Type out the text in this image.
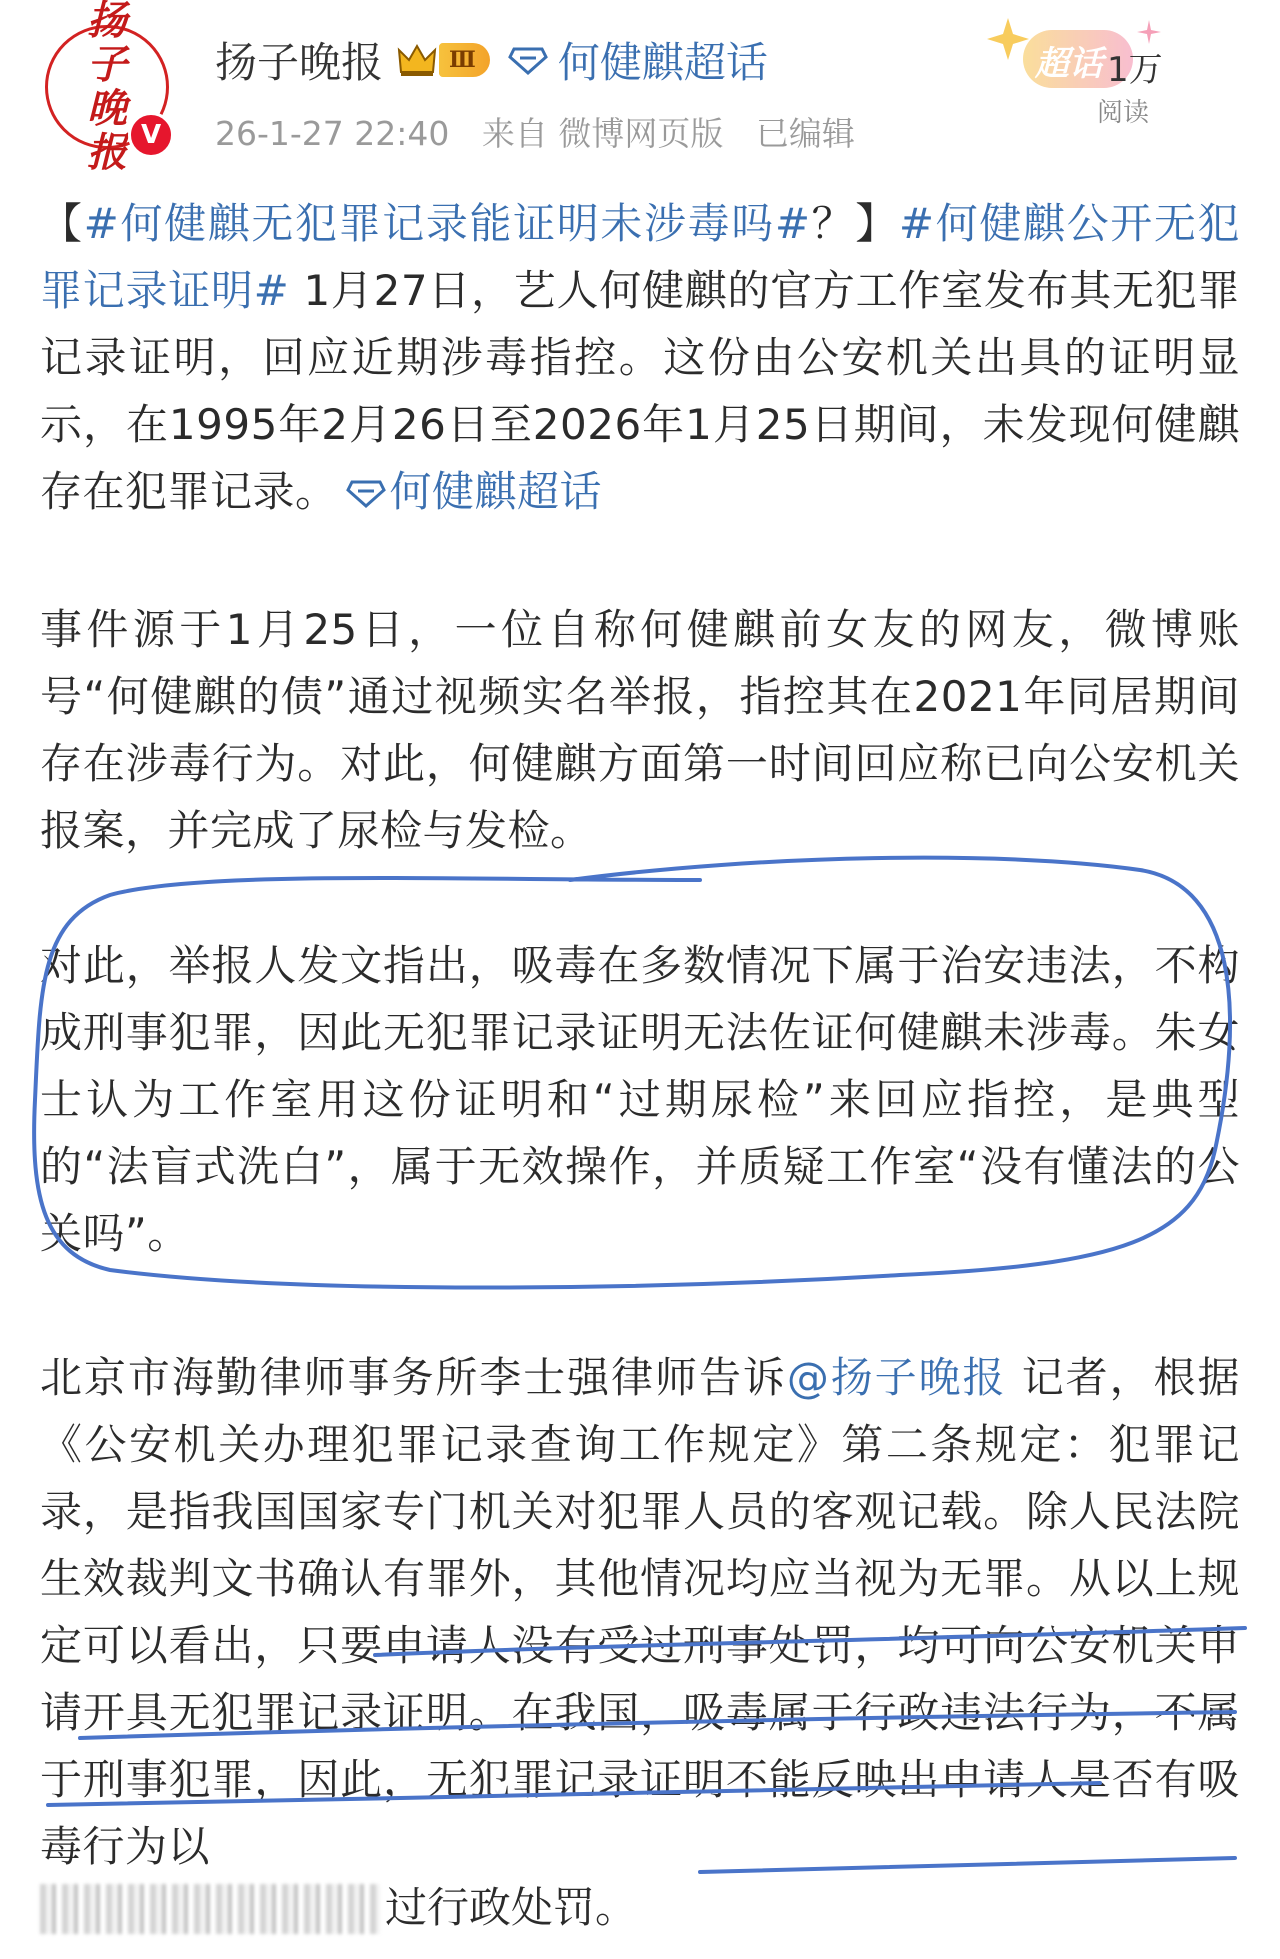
扬子晚报 V
扬子晚报	Ⅲ	何健麒超话
26-1-27 22:40 来自 微博网页版 已编辑
超话 1万
阅读

【#何健麒无犯罪记录能证明未涉毒吗#？】#何健麒公开无犯罪记录证明# 1月27日，艺人何健麒的官方工作室发布其无犯罪记录证明，回应近期涉毒指控。这份由公安机关出具的证明显示，在1995年2月26日至2026年1月25日期间，未发现何健麒存在犯罪记录。 何健麒超话

事件源于1月25日，一位自称何健麒前女友的网友，微博账号“何健麒的债”通过视频实名举报，指控其在2021年同居期间存在涉毒行为。对此，何健麒方面第一时间回应称已向公安机关报案，并完成了尿检与发检。

对此，举报人发文指出，吸毒在多数情况下属于治安违法，不构成刑事犯罪，因此无犯罪记录证明无法佐证何健麒未涉毒。朱女士认为工作室用这份证明和“过期尿检”来回应指控，是典型的“法盲式洗白”，属于无效操作，并质疑工作室“没有懂法的公关吗”。

北京市海勤律师事务所李士强律师告诉@扬子晚报 记者，根据《公安机关办理犯罪记录查询工作规定》第二条规定：犯罪记录，是指我国国家专门机关对犯罪人员的客观记载。除人民法院生效裁判文书确认有罪外，其他情况均应当视为无罪。从以上规定可以看出，只要申请人没有受过刑事处罚，均可向公安机关申请开具无犯罪记录证明。在我国，吸毒属于行政违法行为，不属于刑事犯罪，因此，无犯罪记录证明不能反映出申请人是否有吸毒行为以

过行政处罚。
